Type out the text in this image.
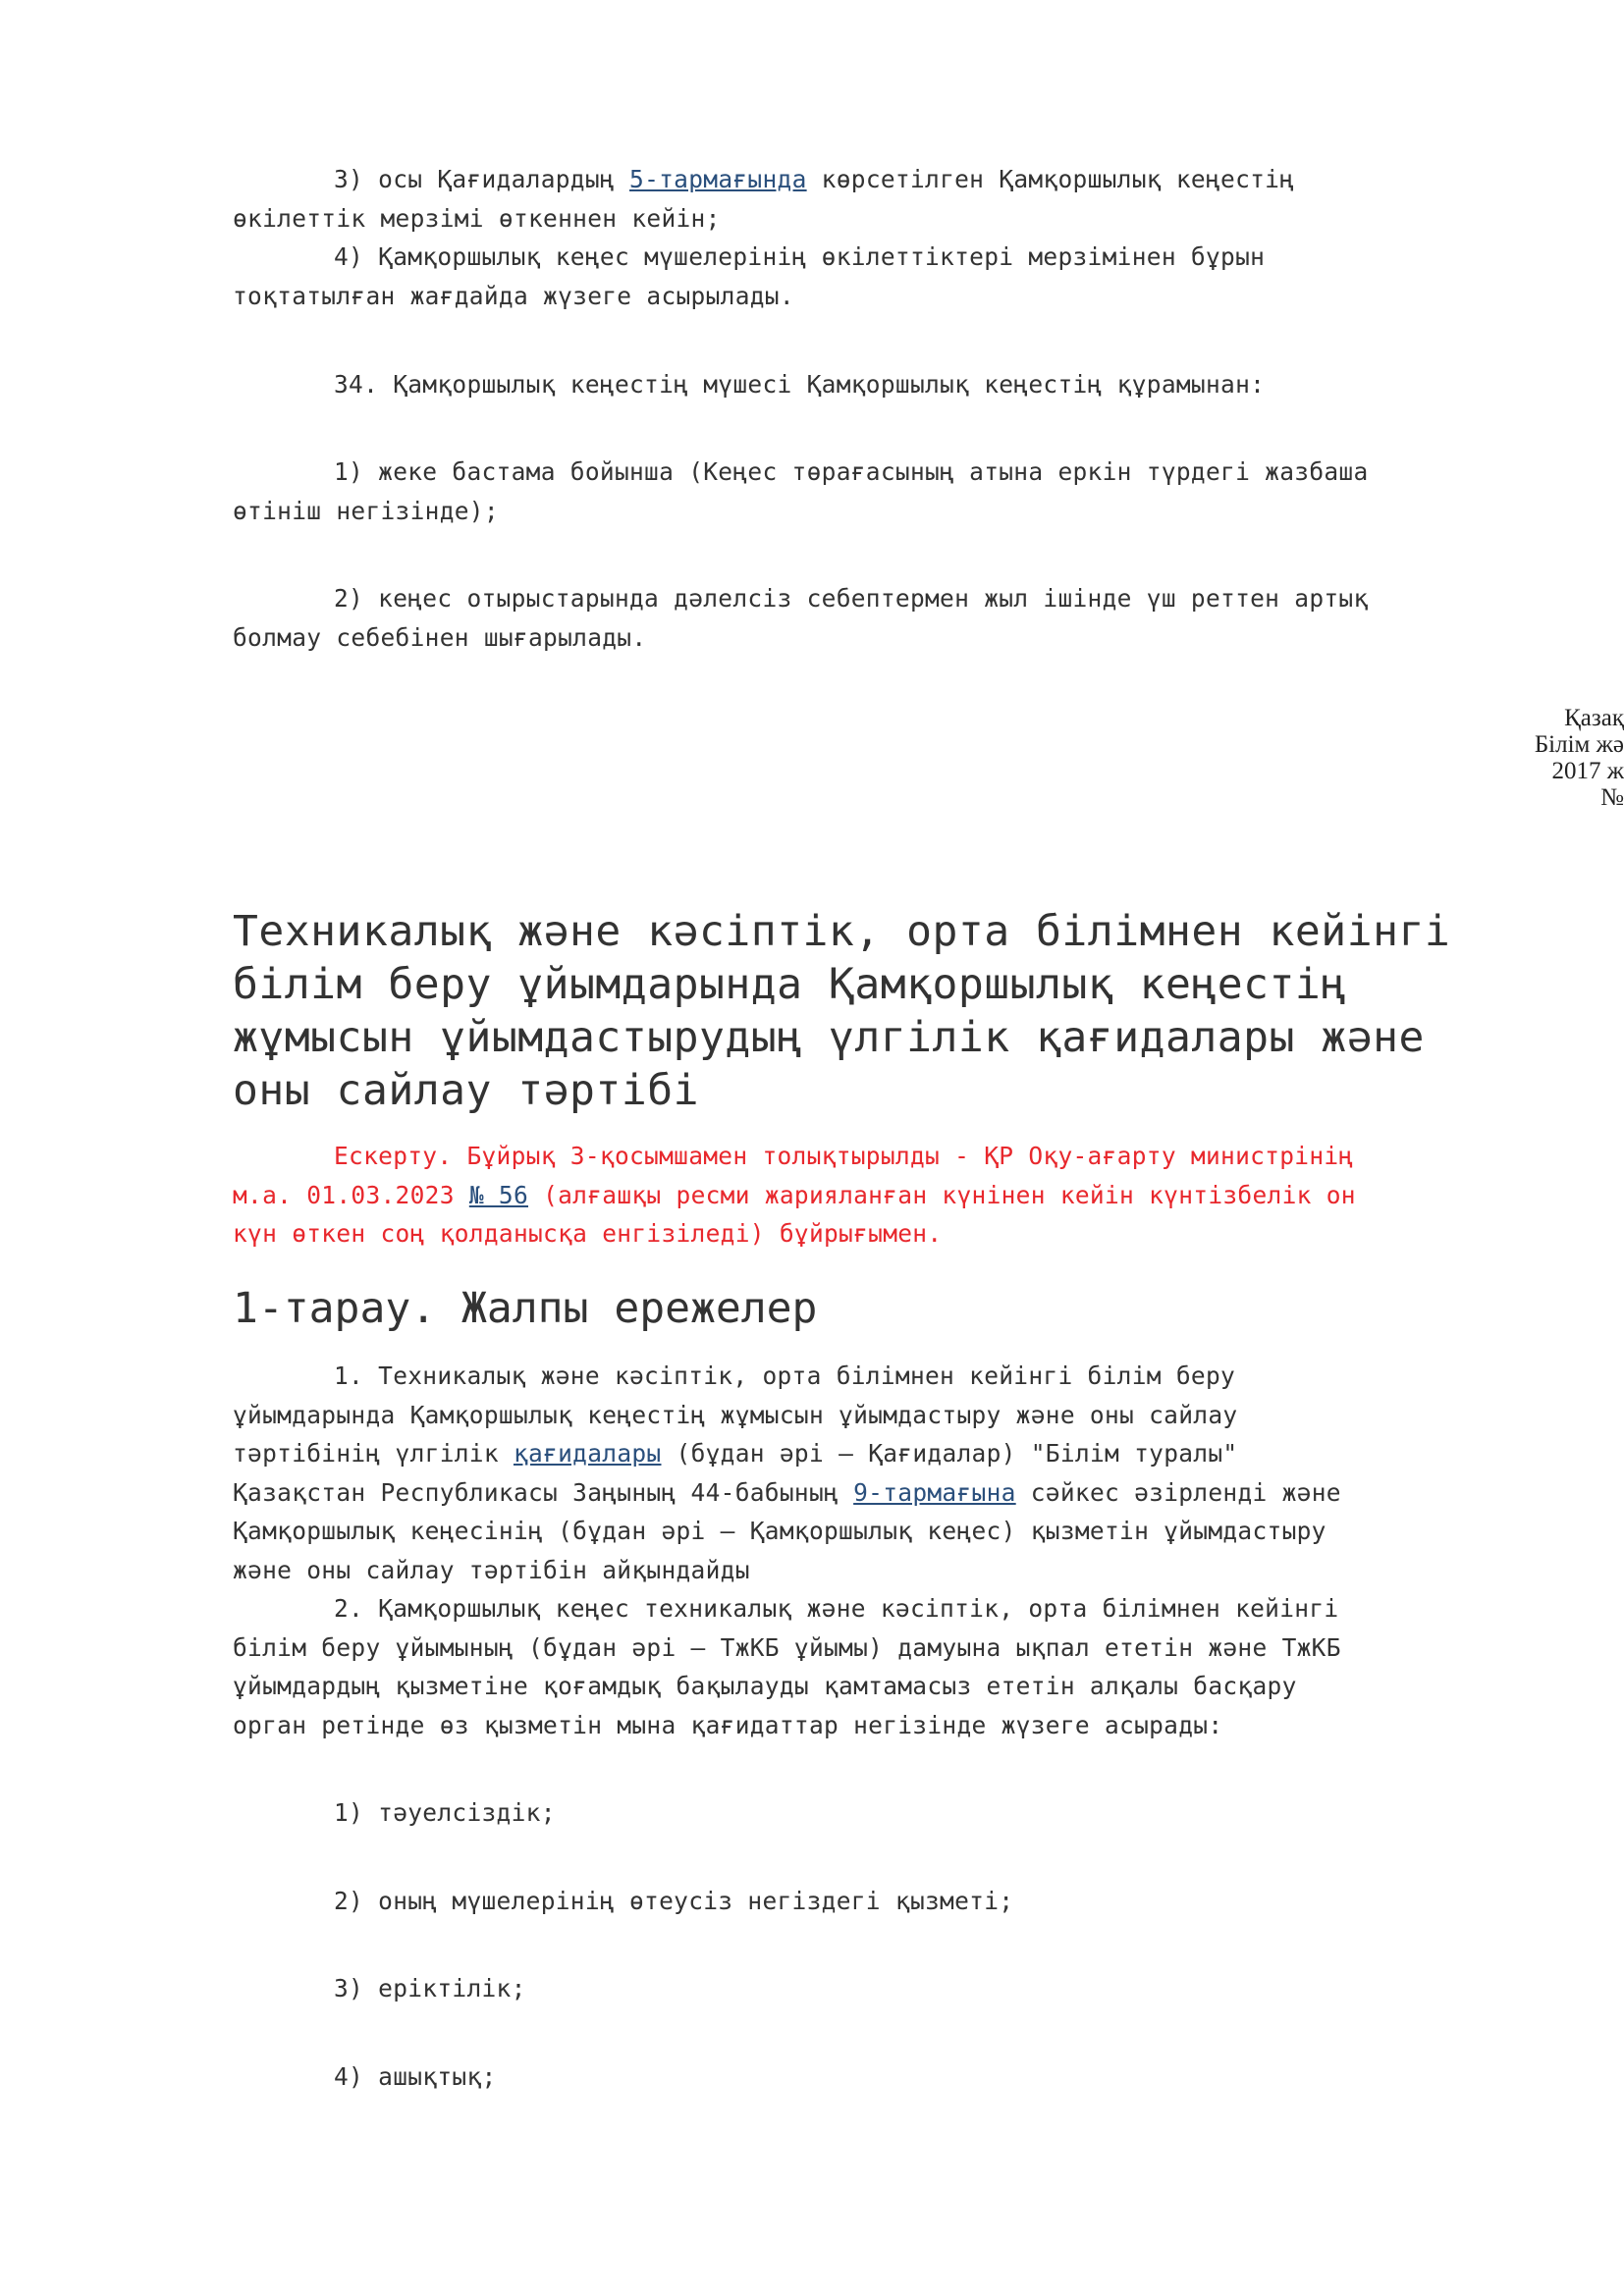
3) осы Қағидалардың 5-тармағында көрсетілген Қамқоршылық кеңестің
өкілеттік мерзімі өткеннен кейін;
4) Қамқоршылық кеңес мүшелерінің өкілеттіктері мерзімінен бұрын
тоқтатылған жағдайда жүзеге асырылады.
34. Қамқоршылық кеңестің мүшесі Қамқоршылық кеңестің құрамынан:
1) жеке бастама бойынша (Кеңес төрағасының атына еркін түрдегі жазбаша
өтініш негізінде);
2) кеңес отырыстарында дәлелсіз себептермен жыл ішінде үш реттен артық
болмау себебінен шығарылады.
Қазақ
Білім жә
2017 ж
№
Техникалық және кәсіптік, орта білімнен кейінгі
білім беру ұйымдарында Қамқоршылық кеңестің
жұмысын ұйымдастырудың үлгілік қағидалары және
оны сайлау тәртібі
Ескерту. Бұйрық 3-қосымшамен толықтырылды - ҚР Оқу-ағарту министрінің
м.а. 01.03.2023 № 56 (алғашқы ресми жарияланған күнінен кейін күнтізбелік он
күн өткен соң қолданысқа енгізіледі) бұйрығымен.
1-тарау. Жалпы ережелер
1. Техникалық және кәсіптік, орта білімнен кейінгі білім беру
ұйымдарында Қамқоршылық кеңестің жұмысын ұйымдастыру және оны сайлау
тәртібінің үлгілік қағидалары (бұдан әрі – Қағидалар) "Білім туралы"
Қазақстан Республикасы Заңының 44-бабының 9-тармағына сәйкес әзірленді және
Қамқоршылық кеңесінің (бұдан әрі – Қамқоршылық кеңес) қызметін ұйымдастыру
және оны сайлау тәртібін айқындайды
2. Қамқоршылық кеңес техникалық және кәсіптік, орта білімнен кейінгі
білім беру ұйымының (бұдан әрі – ТжКБ ұйымы) дамуына ықпал ететін және ТжКБ
ұйымдардың қызметіне қоғамдық бақылауды қамтамасыз ететін алқалы басқару
орган ретінде өз қызметін мына қағидаттар негізінде жүзеге асырады:
1) тәуелсіздік;
2) оның мүшелерінің өтеусіз негіздегі қызметі;
3) еріктілік;
4) ашықтық;
